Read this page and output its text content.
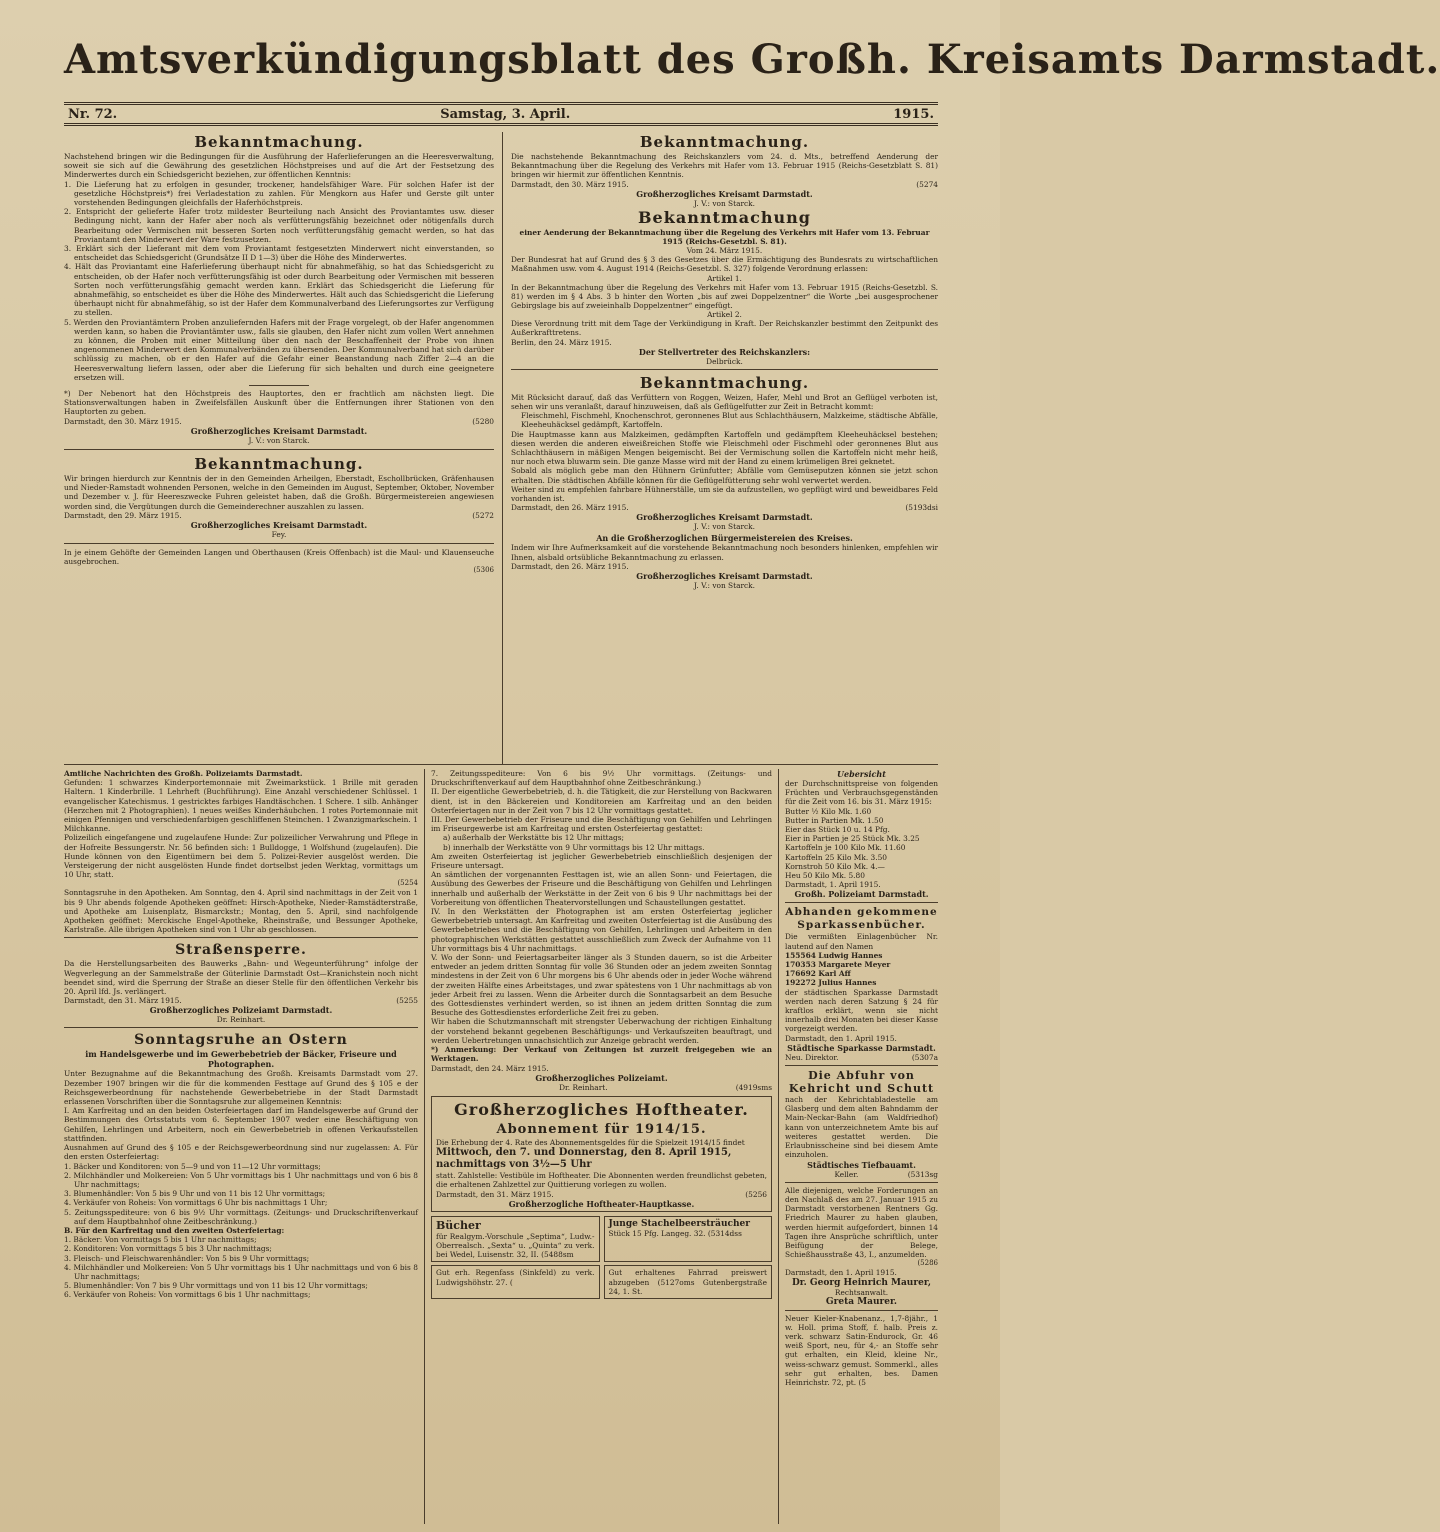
Amtsverkündigungsblatt des Großh. Kreisamts Darmstadt.
Nr. 72.	Samstag, 3. April.	1915.
Bekanntmachung.

Nachstehend bringen wir die Bedingungen für die Ausführung der Haferlieferungen an die Heeresverwaltung, soweit sie sich auf die Gewährung des gesetzlichen Höchstpreises und auf die Art der Festsetzung des Minderwertes durch ein Schiedsgericht beziehen, zur öffentlichen Kenntnis:

1. Die Lieferung hat zu erfolgen in gesunder, trockener, handelsfähiger Ware. Für solchen Hafer ist der gesetzliche Höchstpreis*) frei Verladestation zu zahlen. Für Mengkorn aus Hafer und Gerste gilt unter vorstehenden Bedingungen gleichfalls der Haferhöchstpreis.
2. Entspricht der gelieferte Hafer trotz mildester Beurteilung nach Ansicht des Proviantamtes usw. dieser Bedingung nicht, kann der Hafer aber noch als verfütterungsfähig bezeichnet oder nötigenfalls durch Bearbeitung oder Vermischen mit besseren Sorten noch verfütterungsfähig gemacht werden, so hat das Proviantamt den Minderwert der Ware festzusetzen.
3. Erklärt sich der Lieferant mit dem vom Proviantamt festgesetzten Minderwert nicht einverstanden, so entscheidet das Schiedsgericht (Grundsätze II D 1—3) über die Höhe des Minderwertes.
4. Hält das Proviantamt eine Haferlieferung überhaupt nicht für abnahmefähig, so hat das Schiedsgericht zu entscheiden, ob der Hafer noch verfütterungsfähig ist oder durch Bearbeitung oder Vermischen mit besseren Sorten noch verfütterungsfähig gemacht werden kann. Erklärt das Schiedsgericht die Lieferung für abnahmefähig, so entscheidet es über die Höhe des Minderwertes. Hält auch das Schiedsgericht die Lieferung überhaupt nicht für abnahmefähig, so ist der Hafer dem Kommunalverband des Lieferungsortes zur Verfügung zu stellen.
5. Werden den Proviantämtern Proben anzuliefernden Hafers mit der Frage vorgelegt, ob der Hafer angenommen werden kann, so haben die Proviantämter usw., falls sie glauben, den Hafer nicht zum vollen Wert annehmen zu können, die Proben mit einer Mitteilung über den nach der Beschaffenheit der Probe von ihnen angenommenen Minderwert den Kommunalverbänden zu übersenden. Der Kommunalverband hat sich darüber schlüssig zu machen, ob er den Hafer auf die Gefahr einer Beanstandung nach Ziffer 2—4 an die Heeresverwaltung liefern lassen, oder aber die Lieferung für sich behalten und durch eine geeignetere ersetzen will.

*) Der Nebenort hat den Höchstpreis des Hauptortes, den er frachtlich am nächsten liegt. Die Stationsverwaltungen haben in Zweifelsfällen Auskunft über die Entfernungen ihrer Stationen von den Hauptorten zu geben.

Darmstadt, den 30. März 1915.	(5280
Großherzogliches Kreisamt Darmstadt.
J. V.: von Starck.
Bekanntmachung.

Wir bringen hierdurch zur Kenntnis der in den Gemeinden Arheilgen, Eberstadt, Eschollbrücken, Gräfenhausen und Nieder-Ramstadt wohnenden Personen, welche in den Gemeinden im August, September, Oktober, November und Dezember v. J. für Heereszwecke Fuhren geleistet haben, daß die Großh. Bürgermeistereien angewiesen worden sind, die Vergütungen durch die Gemeinderechner auszahlen zu lassen.

Darmstadt, den 29. März 1915.	(5272
Großherzogliches Kreisamt Darmstadt.
Fey.

In je einem Gehöfte der Gemeinden Langen und Oberthausen (Kreis Offenbach) ist die Maul- und Klauenseuche ausgebrochen.

(5306
Bekanntmachung.

Die nachstehende Bekanntmachung des Reichskanzlers vom 24. d. Mts., betreffend Aenderung der Bekanntmachung über die Regelung des Verkehrs mit Hafer vom 13. Februar 1915 (Reichs-Gesetzblatt S. 81) bringen wir hiermit zur öffentlichen Kenntnis.

Darmstadt, den 30. März 1915.	(5274
Großherzogliches Kreisamt Darmstadt.
J. V.: von Starck.
Bekanntmachung

einer Aenderung der Bekanntmachung über die Regelung des Verkehrs mit Hafer vom 13. Februar 1915 (Reichs-Gesetzbl. S. 81).

Vom 24. März 1915.

Der Bundesrat hat auf Grund des § 3 des Gesetzes über die Ermächtigung des Bundesrats zu wirtschaftlichen Maßnahmen usw. vom 4. August 1914 (Reichs-Gesetzbl. S. 327) folgende Verordnung erlassen:

Artikel 1.

In der Bekanntmachung über die Regelung des Verkehrs mit Hafer vom 13. Februar 1915 (Reichs-Gesetzbl. S. 81) werden im § 4 Abs. 3 b hinter den Worten „bis auf zwei Doppelzentner“ die Worte „bei ausgesprochener Gebirgslage bis auf zweieinhalb Doppelzentner“ eingefügt.

Artikel 2.

Diese Verordnung tritt mit dem Tage der Verkündigung in Kraft. Der Reichskanzler bestimmt den Zeitpunkt des Außerkrafttretens.

Berlin, den 24. März 1915.
Der Stellvertreter des Reichskanzlers:
Delbrück.
Bekanntmachung.

Mit Rücksicht darauf, daß das Verfüttern von Roggen, Weizen, Hafer, Mehl und Brot an Geflügel verboten ist, sehen wir uns veranlaßt, darauf hinzuweisen, daß als Geflügelfutter zur Zeit in Betracht kommt:

Fleischmehl, Fischmehl, Knochenschrot, geronnenes Blut aus Schlachthäusern, Malzkeime, städtische Abfälle, Kleeheuhäcksel gedämpft, Kartoffeln.

Die Hauptmasse kann aus Malzkeimen, gedämpften Kartoffeln und gedämpftem Kleeheuhäcksel bestehen; diesen werden die anderen eiweißreichen Stoffe wie Fleischmehl oder Fischmehl oder geronnenes Blut aus Schlachthäusern in mäßigen Mengen beigemischt. Bei der Vermischung sollen die Kartoffeln nicht mehr heiß, nur noch etwa bluwarm sein. Die ganze Masse wird mit der Hand zu einem krümeligen Brei geknetet.

Sobald als möglich gebe man den Hühnern Grünfutter; Abfälle vom Gemüseputzen können sie jetzt schon erhalten. Die städtischen Abfälle können für die Geflügelfütterung sehr wohl verwertet werden.

Weiter sind zu empfehlen fahrbare Hühnerställe, um sie da aufzustellen, wo gepflügt wird und beweidbares Feld vorhanden ist.

Darmstadt, den 26. März 1915.	(5193dsi
Großherzogliches Kreisamt Darmstadt.
J. V.: von Starck.
An die Großherzoglichen Bürgermeistereien des Kreises.

Indem wir Ihre Aufmerksamkeit auf die vorstehende Bekanntmachung noch besonders hinlenken, empfehlen wir Ihnen, alsbald ortsübliche Bekanntmachung zu erlassen.

Darmstadt, den 26. März 1915.
Großherzogliches Kreisamt Darmstadt.
J. V.: von Starck.
Amtliche Nachrichten des Großh. Polizeiamts Darmstadt.

Gefunden: 1 schwarzes Kinderportemonnaie mit Zweimarkstück. 1 Brille mit geraden Haltern. 1 Kinderbrille. 1 Lehrheft (Buchführung). Eine Anzahl verschiedener Schlüssel. 1 evangelischer Katechismus. 1 gestricktes farbiges Handtäschchen. 1 Schere. 1 silb. Anhänger (Herzchen mit 2 Photographien). 1 neues weißes Kinderhäubchen. 1 rotes Portemonnaie mit einigen Pfennigen und verschiedenfarbigen geschliffenen Steinchen. 1 Zwanzigmarkschein. 1 Milchkanne.

Polizeilich eingefangene und zugelaufene Hunde: Zur polizeilicher Verwahrung und Pflege in der Hofreite Bessungerstr. Nr. 56 befinden sich: 1 Bulldogge, 1 Wolfshund (zugelaufen). Die Hunde können von den Eigentümern bei dem 5. Polizei-Revier ausgelöst werden. Die Versteigerung der nicht ausgelösten Hunde findet dortselbst jeden Werktag, vormittags um 10 Uhr, statt.

(5254

Sonntagsruhe in den Apotheken. Am Sonntag, den 4. April sind nachmittags in der Zeit von 1 bis 9 Uhr abends folgende Apotheken geöffnet: Hirsch-Apotheke, Nieder-Ramstädterstraße, und Apotheke am Luisenplatz, Bismarckstr.; Montag, den 5. April, sind nachfolgende Apotheken geöffnet: Merckische Engel-Apotheke, Rheinstraße, und Bessunger Apotheke, Karlstraße. Alle übrigen Apotheken sind von 1 Uhr ab geschlossen.

Straßensperre.

Da die Herstellungsarbeiten des Bauwerks „Bahn- und Wegeunterführung“ infolge der Wegverlegung an der Sammelstraße der Güterlinie Darmstadt Ost—Kranichstein noch nicht beendet sind, wird die Sperrung der Straße an dieser Stelle für den öffentlichen Verkehr bis 20. April lfd. Js. verlängert.

Darmstadt, den 31. März 1915.	(5255
Großherzogliches Polizeiamt Darmstadt.
Dr. Reinhart.
Sonntagsruhe an Ostern
im Handelsgewerbe und im Gewerbebetrieb der Bäcker, Friseure und Photographen.

Unter Bezugnahme auf die Bekanntmachung des Großh. Kreisamts Darmstadt vom 27. Dezember 1907 bringen wir die für die kommenden Festtage auf Grund des § 105 e der Reichsgewerbeordnung für nachstehende Gewerbebetriebe in der Stadt Darmstadt erlassenen Vorschriften über die Sonntagsruhe zur allgemeinen Kenntnis:

I. Am Karfreitag und an den beiden Osterfeiertagen darf im Handelsgewerbe auf Grund der Bestimmungen des Ortsstatuts vom 6. September 1907 weder eine Beschäftigung von Gehilfen, Lehrlingen und Arbeitern, noch ein Gewerbebetrieb in offenen Verkaufsstellen stattfinden.

Ausnahmen auf Grund des § 105 e der Reichsgewerbeordnung sind nur zugelassen: A. Für den ersten Osterfeiertag:

1. Bäcker und Konditoren: von 5—9 und von 11—12 Uhr vormittags;
2. Milchhändler und Molkereien: Von 5 Uhr vormittags bis 1 Uhr nachmittags und von 6 bis 8 Uhr nachmittags;
3. Blumenhändler: Von 5 bis 9 Uhr und von 11 bis 12 Uhr vormittags;
4. Verkäufer von Roheis: Von vormittags 6 Uhr bis nachmittags 1 Uhr;
5. Zeitungsspediteure: von 6 bis 9½ Uhr vormittags. (Zeitungs- und Druckschriftenverkauf auf dem Hauptbahnhof ohne Zeitbeschränkung.)
B. Für den Karfreitag und den zweiten Osterfeiertag:
1. Bäcker: Von vormittags 5 bis 1 Uhr nachmittags;
2. Konditoren: Von vormittags 5 bis 3 Uhr nachmittags;
3. Fleisch- und Fleischwarenhändler: Von 5 bis 9 Uhr vormittags;
4. Milchhändler und Molkereien: Von 5 Uhr vormittags bis 1 Uhr nachmittags und von 6 bis 8 Uhr nachmittags;
5. Blumenhändler: Von 7 bis 9 Uhr vormittags und von 11 bis 12 Uhr vormittags;
6. Verkäufer von Roheis: Von vormittags 6 bis 1 Uhr nachmittags;

7. Zeitungsspediteure: Von 6 bis 9½ Uhr vormittags. (Zeitungs- und Druckschriftenverkauf auf dem Hauptbahnhof ohne Zeitbeschränkung.)

II. Der eigentliche Gewerbebetrieb, d. h. die Tätigkeit, die zur Herstellung von Backwaren dient, ist in den Bäckereien und Konditoreien am Karfreitag und an den beiden Osterfeiertagen nur in der Zeit von 7 bis 12 Uhr vormittags gestattet.

III. Der Gewerbebetrieb der Friseure und die Beschäftigung von Gehilfen und Lehrlingen im Friseurgewerbe ist am Karfreitag und ersten Osterfeiertag gestattet:

a) außerhalb der Werkstätte bis 12 Uhr mittags;

b) innerhalb der Werkstätte von 9 Uhr vormittags bis 12 Uhr mittags.

Am zweiten Osterfeiertag ist jeglicher Gewerbebetrieb einschließlich desjenigen der Friseure untersagt.

An sämtlichen der vorgenannten Festtagen ist, wie an allen Sonn- und Feiertagen, die Ausübung des Gewerbes der Friseure und die Beschäftigung von Gehilfen und Lehrlingen innerhalb und außerhalb der Werkstätte in der Zeit von 6 bis 9 Uhr nachmittags bei der Vorbereitung von öffentlichen Theatervorstellungen und Schaustellungen gestattet.

IV. In den Werkstätten der Photographen ist am ersten Osterfeiertag jeglicher Gewerbebetrieb untersagt. Am Karfreitag und zweiten Osterfeiertag ist die Ausübung des Gewerbebetriebes und die Beschäftigung von Gehilfen, Lehrlingen und Arbeitern in den photographischen Werkstätten gestattet ausschließlich zum Zweck der Aufnahme von 11 Uhr vormittags bis 4 Uhr nachmittags.

V. Wo der Sonn- und Feiertagsarbeiter länger als 3 Stunden dauern, so ist die Arbeiter entweder an jedem dritten Sonntag für volle 36 Stunden oder an jedem zweiten Sonntag mindestens in der Zeit von 6 Uhr morgens bis 6 Uhr abends oder in jeder Woche während der zweiten Hälfte eines Arbeitstages, und zwar spätestens von 1 Uhr nachmittags ab von jeder Arbeit frei zu lassen. Wenn die Arbeiter durch die Sonntagsarbeit an dem Besuche des Gottesdienstes verhindert werden, so ist ihnen an jedem dritten Sonntag die zum Besuche des Gottesdienstes erforderliche Zeit frei zu geben.

Wir haben die Schutzmannschaft mit strengster Ueberwachung der richtigen Einhaltung der vorstehend bekannt gegebenen Beschäftigungs- und Verkaufszeiten beauftragt, und werden Uebertretungen unnachsichtlich zur Anzeige gebracht werden.

*) Anmerkung: Der Verkauf von Zeitungen ist zurzeit freigegeben wie an Werktagen.

Darmstadt, den 24. März 1915.
Großherzogliches Polizeiamt.
Dr. Reinhart.	(4919sms
Großherzogliches Hoftheater.
Abonnement für 1914/15.

Die Erhebung der 4. Rate des Abonnementsgeldes für die Spielzeit 1914/15 findet

Mittwoch, den 7. und Donnerstag, den 8. April 1915, nachmittags von 3½—5 Uhr

statt. Zahlstelle: Vestibüle im Hoftheater. Die Abonnenten werden freundlichst gebeten, die erhaltenen Zahlzettel zur Quittierung vorlegen zu wollen.

Darmstadt, den 31. März 1915.	(5256
Großherzogliche Hoftheater-Hauptkasse.
Bücher

für Realgym.-Vorschule „Septima“, Ludw.-Oberrealsch. „Sexta“ u. „Quinta“ zu verk. bei Wedel, Luisenstr. 32, II. (5488sm

Junge Stachelbeersträucher

Stück 15 Pfg. Langeg. 32. (5314dss

Gut erh. Regenfass (Sinkfeld) zu verk. Ludwigshöhstr. 27. (

Gut erhaltenes Fahrrad preiswert abzugeben (5127oms Gutenbergstraße 24, 1. St.

Uebersicht

der Durchschnittspreise von folgenden Früchten und Verbrauchsgegenständen für die Zeit vom 16. bis 31. März 1915:

Butter ½ Kilo Mk. 1.60
Butter in Partien Mk. 1.50
Eier das Stück 10 u. 14 Pfg.
Eier in Partien je 25 Stück Mk. 3.25
Kartoffeln je 100 Kilo Mk. 11.60
Kartoffeln 25 Kilo Mk. 3.50
Kornstroh 50 Kilo Mk. 4.—
Heu 50 Kilo Mk. 5.80
Darmstadt, 1. April 1915.
Großh. Polizeiamt Darmstadt.
Abhanden gekommene Sparkassenbücher.

Die vermißten Einlagenbücher Nr. lautend auf den Namen

155564 Ludwig Hannes
170353 Margarete Meyer
176692 Karl Aff
192272 Julius Hannes

der städtischen Sparkasse Darmstadt werden nach deren Satzung § 24 für kraftlos erklärt, wenn sie nicht innerhalb drei Monaten bei dieser Kasse vorgezeigt werden.

Darmstadt, den 1. April 1915.
Städtische Sparkasse Darmstadt.
Neu. Direktor.	(5307a
Die Abfuhr von Kehricht und Schutt

nach der Kehrichtabladestelle am Glasberg und dem alten Bahndamm der Main-Neckar-Bahn (am Waldfriedhof) kann von unterzeichnetem Amte bis auf weiteres gestattet werden. Die Erlaubnisscheine sind bei diesem Amte einzuholen.

Städtisches Tiefbauamt.
Keller.	(5313sg

Alle diejenigen, welche Forderungen an den Nachlaß des am 27. Januar 1915 zu Darmstadt verstorbenen Rentners Gg. Friedrich Maurer zu haben glauben, werden hiermit aufgefordert, binnen 14 Tagen ihre Ansprüche schriftlich, unter Beifügung der Belege, Schießhausstraße 43, I., anzumelden.

(5286
Darmstadt, den 1. April 1915.
Dr. Georg Heinrich Maurer,
Rechtsanwalt.
Greta Maurer.

Neuer Kieler-Knabenanz., 1,7-8jähr., 1 w. Holl. prima Stoff, f. halb. Preis z. verk. schwarz Satin-Endurock, Gr. 46 weiß Sport, neu, für 4,- an Stoffe sehr gut erhalten, ein Kleid, kleine Nr., weiss-schwarz gemust. Sommerkl., alles sehr gut erhalten, bes. Damen Heinrichstr. 72, pt. (5
